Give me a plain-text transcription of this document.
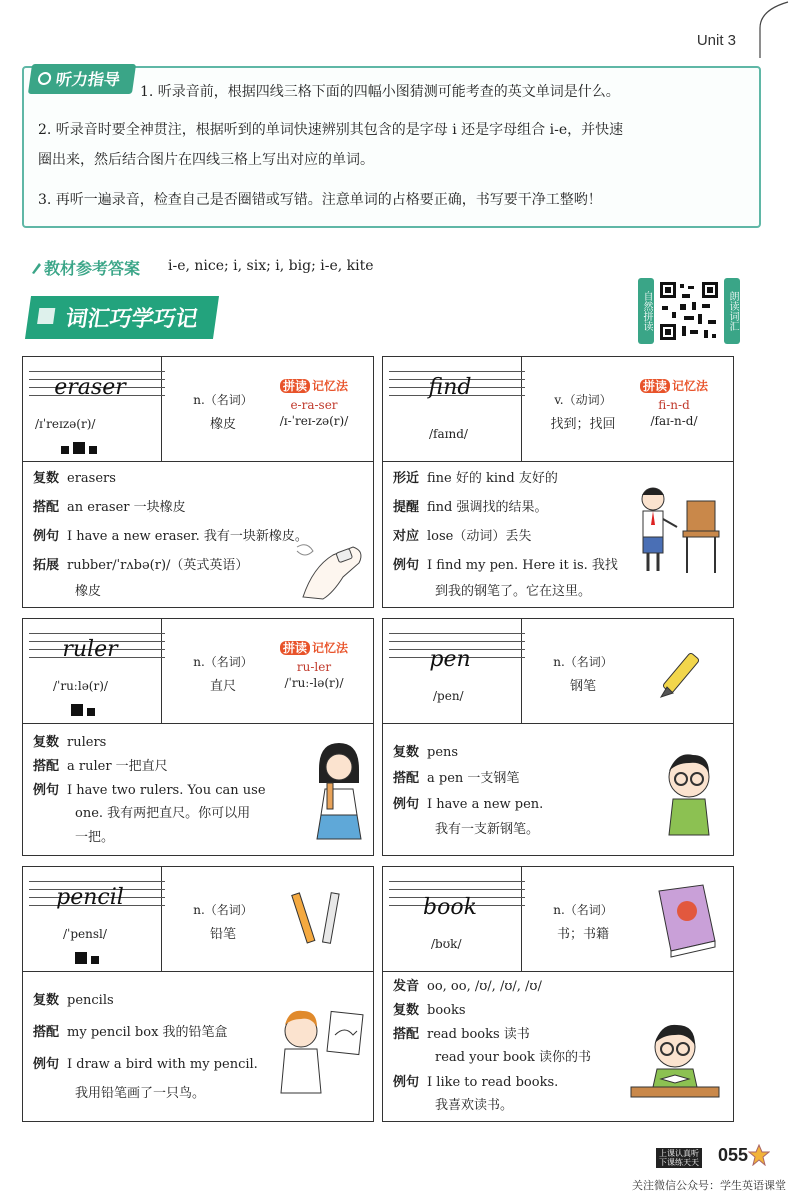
Unit 3
听力指导
1. 听录音前，根据四线三格下面的四幅小图猜测可能考查的英文单词是什么。
2. 听录音时要全神贯注，根据听到的单词快速辨别其包含的是字母 i 还是字母组合 i-e，并快速
圈出来，然后结合图片在四线三格上写出对应的单词。
3. 再听一遍录音，检查自己是否圈错或写错。注意单词的占格要正确，书写要干净工整哟！
教材参考答案 i-e, nice; i, six; i, big; i-e, kite
词汇巧学巧记	自然拼读	朗读词汇
eraser
/ɪˈreɪzə(r)/
n.（名词）
橡皮
拼读 记忆法
e-ra-ser
/ɪ-ˈreɪ-zə(r)/
复数 erasers
搭配 an eraser 一块橡皮
例句 I have a new eraser. 我有一块新橡皮。
拓展 rubber/ˈrʌbə(r)/（英式英语）
橡皮
find
/faɪnd/
v.（动词）
找到；找回
拼读 记忆法
fi-n-d
/faɪ-n-d/
形近 fine 好的 kind 友好的
提醒 find 强调找的结果。
对应 lose（动词）丢失
例句 I find my pen. Here it is. 我找
到我的钢笔了。它在这里。
ruler
/ˈruːlə(r)/
n.（名词）
直尺
拼读 记忆法
ru-ler
/ˈruː-lə(r)/
复数 rulers
搭配 a ruler 一把直尺
例句 I have two rulers. You can use
one. 我有两把直尺。你可以用
一把。
pen
/pen/
n.（名词）
钢笔
复数 pens
搭配 a pen 一支钢笔
例句 I have a new pen.
我有一支新钢笔。
pencil
/ˈpensl/
n.（名词）
铅笔
复数 pencils
搭配 my pencil box 我的铅笔盒
例句 I draw a bird with my pencil.
我用铅笔画了一只鸟。
book
/bʊk/
n.（名词）
书；书籍
发音 oo, oo, /ʊ/, /ʊ/, /ʊ/
复数 books
搭配 read books 读书
read your book 读你的书
例句 I like to read books.
我喜欢读书。
上课认真听
下课练天天 055
关注微信公众号：学生英语课堂
